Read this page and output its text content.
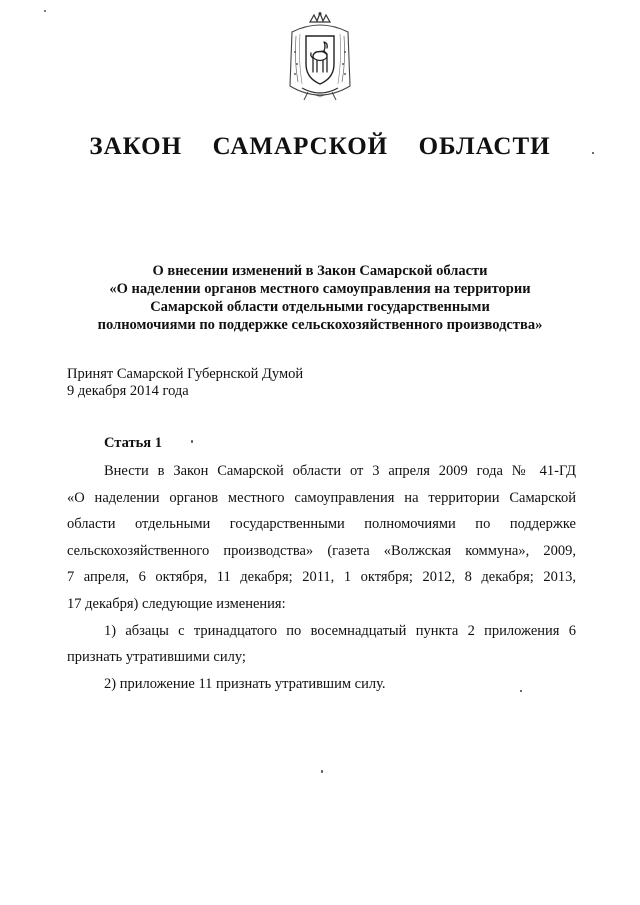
ЗАКОН  САМАРСКОЙ  ОБЛАСТИ
О внесении изменений в Закон Самарской области
«О наделении органов местного самоуправления на территории
Самарской области отдельными государственными
полномочиями по поддержке сельскохозяйственного производства»
Принят Самарской Губернской Думой
9 декабря 2014 года
Статья 1
Внести в Закон Самарской области от 3 апреля 2009 года № 41-ГД
«О наделении органов местного самоуправления на территории Самарской
области отдельными государственными полномочиями по поддержке
сельскохозяйственного производства» (газета «Волжская коммуна», 2009,
7 апреля, 6 октября, 11 декабря; 2011, 1 октября; 2012, 8 декабря; 2013,
17 декабря) следующие изменения:
1) абзацы с тринадцатого по восемнадцатый пункта 2 приложения 6
признать утратившими силу;
2) приложение 11 признать утратившим силу.
